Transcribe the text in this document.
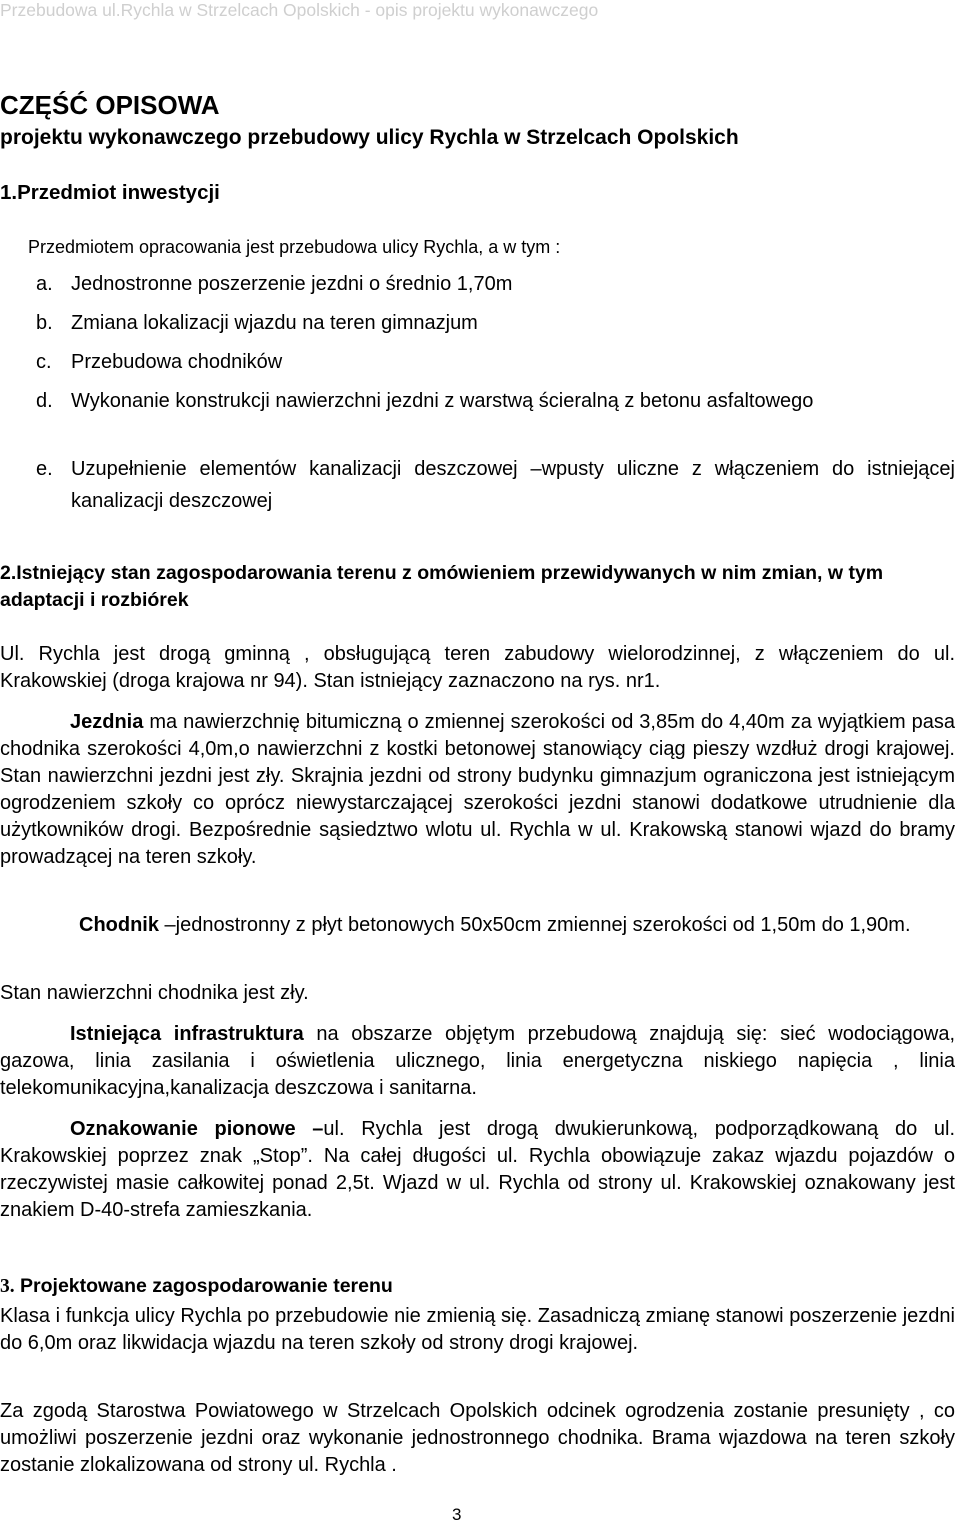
Przebudowa ul.Rychla w Strzelcach Opolskich - opis projektu wykonawczego
CZĘŚĆ OPISOWA
projektu wykonawczego przebudowy ulicy Rychla w Strzelcach Opolskich
1.Przedmiot inwestycji
Przedmiotem opracowania jest przebudowa ulicy Rychla, a w tym :
a. Jednostronne poszerzenie jezdni o średnio 1,70m
b. Zmiana lokalizacji wjazdu na teren gimnazjum
c. Przebudowa chodników
d. Wykonanie konstrukcji nawierzchni jezdni z warstwą ścieralną z betonu asfaltowego
e. Uzupełnienie elementów kanalizacji deszczowej –wpusty uliczne z włączeniem do istniejącej kanalizacji deszczowej
2.Istniejący stan zagospodarowania terenu z omówieniem przewidywanych w nim zmian, w tym adaptacji i rozbiórek
Ul. Rychla jest drogą gminną , obsługującą teren zabudowy wielorodzinnej, z włączeniem do ul. Krakowskiej (droga krajowa nr 94). Stan istniejący zaznaczono na rys. nr1.
Jezdnia ma nawierzchnię bitumiczną o zmiennej szerokości od 3,85m do 4,40m za wyjątkiem pasa chodnika szerokości 4,0m,o nawierzchni z kostki betonowej stanowiący ciąg pieszy wzdłuż drogi krajowej. Stan nawierzchni jezdni jest zły. Skrajnia jezdni od strony budynku gimnazjum ograniczona jest istniejącym ogrodzeniem szkoły co oprócz niewystarczającej szerokości jezdni stanowi dodatkowe utrudnienie dla użytkowników drogi. Bezpośrednie sąsiedztwo wlotu ul. Rychla w ul. Krakowską stanowi wjazd do bramy prowadzącej na teren szkoły.
Chodnik –jednostronny z płyt betonowych 50x50cm zmiennej szerokości od 1,50m do 1,90m.
Stan nawierzchni chodnika jest zły.
Istniejąca infrastruktura na obszarze objętym przebudową znajdują się: sieć wodociągowa, gazowa, linia zasilania i oświetlenia ulicznego, linia energetyczna niskiego napięcia , linia telekomunikacyjna,kanalizacja deszczowa i sanitarna.
Oznakowanie pionowe –ul. Rychla jest drogą dwukierunkową, podporządkowaną do ul. Krakowskiej poprzez znak „Stop”. Na całej długości ul. Rychla obowiązuje zakaz wjazdu pojazdów o rzeczywistej masie całkowitej ponad 2,5t. Wjazd w ul. Rychla od strony ul. Krakowskiej oznakowany jest znakiem D-40-strefa zamieszkania.
3. Projektowane zagospodarowanie terenu
Klasa i funkcja ulicy Rychla po przebudowie nie zmienią się. Zasadniczą zmianę stanowi poszerzenie jezdni do 6,0m oraz likwidacja wjazdu na teren szkoły od strony drogi krajowej.
Za zgodą Starostwa Powiatowego w Strzelcach Opolskich odcinek ogrodzenia zostanie presunięty , co umożliwi poszerzenie jezdni oraz wykonanie jednostronnego chodnika. Brama wjazdowa na teren szkoły zostanie zlokalizowana od strony ul. Rychla .
3
